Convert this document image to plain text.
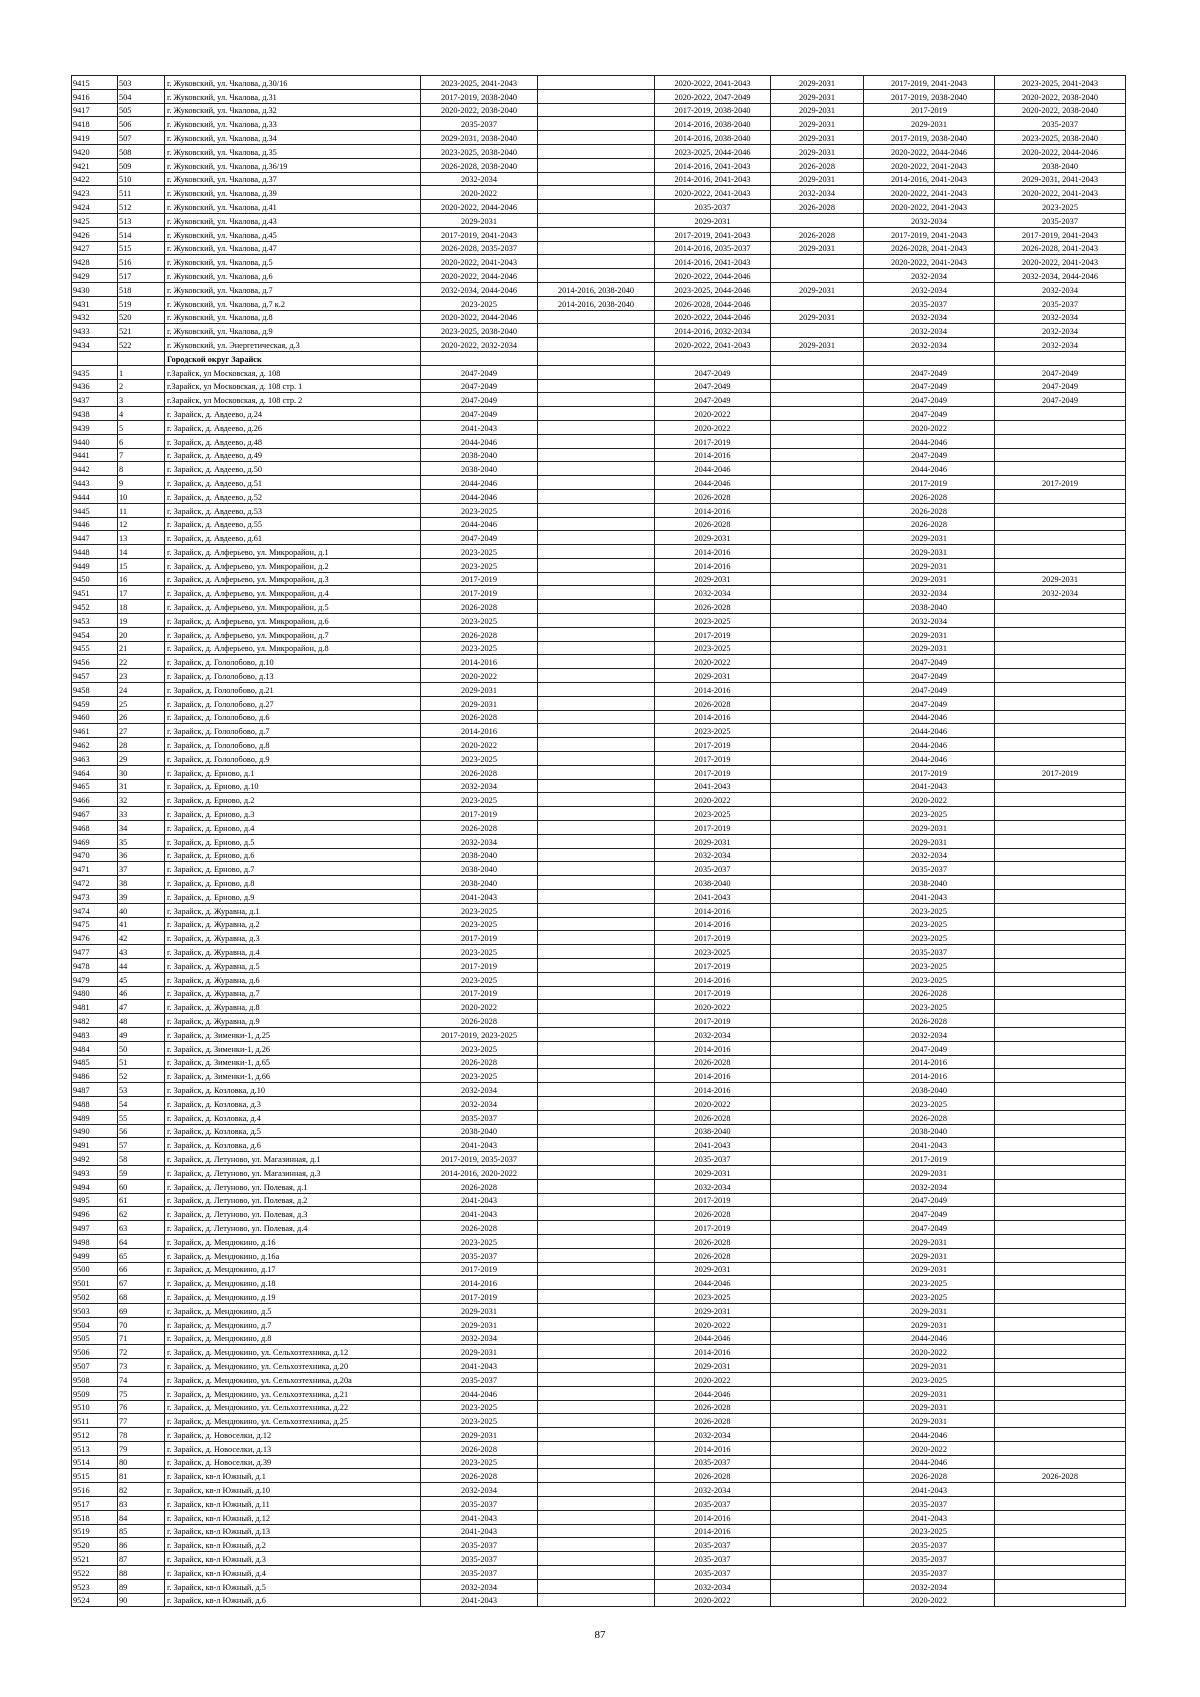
9415	503	г. Жуковский, ул. Чкалова, д.30/16	2023-2025, 2041-2043		2020-2022, 2041-2043	2029-2031	2017-2019, 2041-2043	2023-2025, 2041-2043
9416	504	г. Жуковский, ул. Чкалова, д.31	2017-2019, 2038-2040		2020-2022, 2047-2049	2029-2031	2017-2019, 2038-2040	2020-2022, 2038-2040
9417	505	г. Жуковский, ул. Чкалова, д.32	2020-2022, 2038-2040		2017-2019, 2038-2040	2029-2031	2017-2019	2020-2022, 2038-2040
9418	506	г. Жуковский, ул. Чкалова, д.33	2035-2037		2014-2016, 2038-2040	2029-2031	2029-2031	2035-2037
9419	507	г. Жуковский, ул. Чкалова, д.34	2029-2031, 2038-2040		2014-2016, 2038-2040	2029-2031	2017-2019, 2038-2040	2023-2025, 2038-2040
9420	508	г. Жуковский, ул. Чкалова, д.35	2023-2025, 2038-2040		2023-2025, 2044-2046	2029-2031	2020-2022, 2044-2046	2020-2022, 2044-2046
9421	509	г. Жуковский, ул. Чкалова, д.36/19	2026-2028, 2038-2040		2014-2016, 2041-2043	2026-2028	2020-2022, 2041-2043	2038-2040
9422	510	г. Жуковский, ул. Чкалова, д.37	2032-2034		2014-2016, 2041-2043	2029-2031	2014-2016, 2041-2043	2029-2031, 2041-2043
9423	511	г. Жуковский, ул. Чкалова, д.39	2020-2022		2020-2022, 2041-2043	2032-2034	2020-2022, 2041-2043	2020-2022, 2041-2043
9424	512	г. Жуковский, ул. Чкалова, д.41	2020-2022, 2044-2046		2035-2037	2026-2028	2020-2022, 2041-2043	2023-2025
9425	513	г. Жуковский, ул. Чкалова, д.43	2029-2031		2029-2031		2032-2034	2035-2037
9426	514	г. Жуковский, ул. Чкалова, д.45	2017-2019, 2041-2043		2017-2019, 2041-2043	2026-2028	2017-2019, 2041-2043	2017-2019, 2041-2043
9427	515	г. Жуковский, ул. Чкалова, д.47	2026-2028, 2035-2037		2014-2016, 2035-2037	2029-2031	2026-2028, 2041-2043	2026-2028, 2041-2043
9428	516	г. Жуковский, ул. Чкалова, д.5	2020-2022, 2041-2043		2014-2016, 2041-2043		2020-2022, 2041-2043	2020-2022, 2041-2043
9429	517	г. Жуковский, ул. Чкалова, д.6	2020-2022, 2044-2046		2020-2022, 2044-2046		2032-2034	2032-2034, 2044-2046
9430	518	г. Жуковский, ул. Чкалова, д.7	2032-2034, 2044-2046	2014-2016, 2038-2040	2023-2025, 2044-2046	2029-2031	2032-2034	2032-2034
9431	519	г. Жуковский, ул. Чкалова, д.7 к.2	2023-2025	2014-2016, 2038-2040	2026-2028, 2044-2046		2035-2037	2035-2037
9432	520	г. Жуковский, ул. Чкалова, д.8	2020-2022, 2044-2046		2020-2022, 2044-2046	2029-2031	2032-2034	2032-2034
9433	521	г. Жуковский, ул. Чкалова, д.9	2023-2025, 2038-2040		2014-2016, 2032-2034		2032-2034	2032-2034
9434	522	г. Жуковский, ул. Энергетическая, д.3	2020-2022, 2032-2034		2020-2022, 2041-2043	2029-2031	2032-2034	2032-2034
		Городской округ Зарайск						
9435	1	г.Зарайск, ул Московская, д. 108	2047-2049		2047-2049		2047-2049	2047-2049
9436	2	г.Зарайск, ул Московская, д. 108 стр. 1	2047-2049		2047-2049		2047-2049	2047-2049
9437	3	г.Зарайск, ул Московская, д. 108 стр. 2	2047-2049		2047-2049		2047-2049	2047-2049
9438	4	г. Зарайск, д. Авдеево, д.24	2047-2049		2020-2022		2047-2049	
9439	5	г. Зарайск, д. Авдеево, д.26	2041-2043		2020-2022		2020-2022	
9440	6	г. Зарайск, д. Авдеево, д.48	2044-2046		2017-2019		2044-2046	
9441	7	г. Зарайск, д. Авдеево, д.49	2038-2040		2014-2016		2047-2049	
9442	8	г. Зарайск, д. Авдеево, д.50	2038-2040		2044-2046		2044-2046	
9443	9	г. Зарайск, д. Авдеево, д.51	2044-2046		2044-2046		2017-2019	2017-2019
9444	10	г. Зарайск, д. Авдеево, д.52	2044-2046		2026-2028		2026-2028	
9445	11	г. Зарайск, д. Авдеево, д.53	2023-2025		2014-2016		2026-2028	
9446	12	г. Зарайск, д. Авдеево, д.55	2044-2046		2026-2028		2026-2028	
9447	13	г. Зарайск, д. Авдеево, д.61	2047-2049		2029-2031		2029-2031	
9448	14	г. Зарайск, д. Алферьево, ул. Микрорайон, д.1	2023-2025		2014-2016		2029-2031	
9449	15	г. Зарайск, д. Алферьево, ул. Микрорайон, д.2	2023-2025		2014-2016		2029-2031	
9450	16	г. Зарайск, д. Алферьево, ул. Микрорайон, д.3	2017-2019		2029-2031		2029-2031	2029-2031
9451	17	г. Зарайск, д. Алферьево, ул. Микрорайон, д.4	2017-2019		2032-2034		2032-2034	2032-2034
9452	18	г. Зарайск, д. Алферьево, ул. Микрорайон, д.5	2026-2028		2026-2028		2038-2040	
9453	19	г. Зарайск, д. Алферьево, ул. Микрорайон, д.6	2023-2025		2023-2025		2032-2034	
9454	20	г. Зарайск, д. Алферьево, ул. Микрорайон, д.7	2026-2028		2017-2019		2029-2031	
9455	21	г. Зарайск, д. Алферьево, ул. Микрорайон, д.8	2023-2025		2023-2025		2029-2031	
9456	22	г. Зарайск, д. Гололобово, д.10	2014-2016		2020-2022		2047-2049	
9457	23	г. Зарайск, д. Гололобово, д.13	2020-2022		2029-2031		2047-2049	
9458	24	г. Зарайск, д. Гололобово, д.21	2029-2031		2014-2016		2047-2049	
9459	25	г. Зарайск, д. Гололобово, д.27	2029-2031		2026-2028		2047-2049	
9460	26	г. Зарайск, д. Гололобово, д.6	2026-2028		2014-2016		2044-2046	
9461	27	г. Зарайск, д. Гололобово, д.7	2014-2016		2023-2025		2044-2046	
9462	28	г. Зарайск, д. Гололобово, д.8	2020-2022		2017-2019		2044-2046	
9463	29	г. Зарайск, д. Гололобово, д.9	2023-2025		2017-2019		2044-2046	
9464	30	г. Зарайск, д. Ерново, д.1	2026-2028		2017-2019		2017-2019	2017-2019
9465	31	г. Зарайск, д. Ерново, д.10	2032-2034		2041-2043		2041-2043	
9466	32	г. Зарайск, д. Ерново, д.2	2023-2025		2020-2022		2020-2022	
9467	33	г. Зарайск, д. Ерново, д.3	2017-2019		2023-2025		2023-2025	
9468	34	г. Зарайск, д. Ерново, д.4	2026-2028		2017-2019		2029-2031	
9469	35	г. Зарайск, д. Ерново, д.5	2032-2034		2029-2031		2029-2031	
9470	36	г. Зарайск, д. Ерново, д.6	2038-2040		2032-2034		2032-2034	
9471	37	г. Зарайск, д. Ерново, д.7	2038-2040		2035-2037		2035-2037	
9472	38	г. Зарайск, д. Ерново, д.8	2038-2040		2038-2040		2038-2040	
9473	39	г. Зарайск, д. Ерново, д.9	2041-2043		2041-2043		2041-2043	
9474	40	г. Зарайск, д. Журавна, д.1	2023-2025		2014-2016		2023-2025	
9475	41	г. Зарайск, д. Журавна, д.2	2023-2025		2014-2016		2023-2025	
9476	42	г. Зарайск, д. Журавна, д.3	2017-2019		2017-2019		2023-2025	
9477	43	г. Зарайск, д. Журавна, д.4	2023-2025		2023-2025		2035-2037	
9478	44	г. Зарайск, д. Журавна, д.5	2017-2019		2017-2019		2023-2025	
9479	45	г. Зарайск, д. Журавна, д.6	2023-2025		2014-2016		2023-2025	
9480	46	г. Зарайск, д. Журавна, д.7	2017-2019		2017-2019		2026-2028	
9481	47	г. Зарайск, д. Журавна, д.8	2020-2022		2020-2022		2023-2025	
9482	48	г. Зарайск, д. Журавна, д.9	2026-2028		2017-2019		2026-2028	
9483	49	г. Зарайск, д. Зименки-1, д.25	2017-2019, 2023-2025		2032-2034		2032-2034	
9484	50	г. Зарайск, д. Зименки-1, д.26	2023-2025		2014-2016		2047-2049	
9485	51	г. Зарайск, д. Зименки-1, д.65	2026-2028		2026-2028		2014-2016	
9486	52	г. Зарайск, д. Зименки-1, д.66	2023-2025		2014-2016		2014-2016	
9487	53	г. Зарайск, д. Козловка, д.10	2032-2034		2014-2016		2038-2040	
9488	54	г. Зарайск, д. Козловка, д.3	2032-2034		2020-2022		2023-2025	
9489	55	г. Зарайск, д. Козловка, д.4	2035-2037		2026-2028		2026-2028	
9490	56	г. Зарайск, д. Козловка, д.5	2038-2040		2038-2040		2038-2040	
9491	57	г. Зарайск, д. Козловка, д.6	2041-2043		2041-2043		2041-2043	
9492	58	г. Зарайск, д. Летуново, ул. Магазинная, д.1	2017-2019, 2035-2037		2035-2037		2017-2019	
9493	59	г. Зарайск, д. Летуново, ул. Магазинная, д.3	2014-2016, 2020-2022		2029-2031		2029-2031	
9494	60	г. Зарайск, д. Летуново, ул. Полевая, д.1	2026-2028		2032-2034		2032-2034	
9495	61	г. Зарайск, д. Летуново, ул. Полевая, д.2	2041-2043		2017-2019		2047-2049	
9496	62	г. Зарайск, д. Летуново, ул. Полевая, д.3	2041-2043		2026-2028		2047-2049	
9497	63	г. Зарайск, д. Летуново, ул. Полевая, д.4	2026-2028		2017-2019		2047-2049	
9498	64	г. Зарайск, д. Мендюкино, д.16	2023-2025		2026-2028		2029-2031	
9499	65	г. Зарайск, д. Мендюкино, д.16а	2035-2037		2026-2028		2029-2031	
9500	66	г. Зарайск, д. Мендюкино, д.17	2017-2019		2029-2031		2029-2031	
9501	67	г. Зарайск, д. Мендюкино, д.18	2014-2016		2044-2046		2023-2025	
9502	68	г. Зарайск, д. Мендюкино, д.19	2017-2019		2023-2025		2023-2025	
9503	69	г. Зарайск, д. Мендюкино, д.5	2029-2031		2029-2031		2029-2031	
9504	70	г. Зарайск, д. Мендюкино, д.7	2029-2031		2020-2022		2029-2031	
9505	71	г. Зарайск, д. Мендюкино, д.8	2032-2034		2044-2046		2044-2046	
9506	72	г. Зарайск, д. Мендюкино, ул. Сельхозтехника, д.12	2029-2031		2014-2016		2020-2022	
9507	73	г. Зарайск, д. Мендюкино, ул. Сельхозтехника, д.20	2041-2043		2029-2031		2029-2031	
9508	74	г. Зарайск, д. Мендюкино, ул. Сельхозтехника, д.20а	2035-2037		2020-2022		2023-2025	
9509	75	г. Зарайск, д. Мендюкино, ул. Сельхозтехника, д.21	2044-2046		2044-2046		2029-2031	
9510	76	г. Зарайск, д. Мендюкино, ул. Сельхозтехника, д.22	2023-2025		2026-2028		2029-2031	
9511	77	г. Зарайск, д. Мендюкино, ул. Сельхозтехника, д.25	2023-2025		2026-2028		2029-2031	
9512	78	г. Зарайск, д. Новоселки, д.12	2029-2031		2032-2034		2044-2046	
9513	79	г. Зарайск, д. Новоселки, д.13	2026-2028		2014-2016		2020-2022	
9514	80	г. Зарайск, д. Новоселки, д.39	2023-2025		2035-2037		2044-2046	
9515	81	г. Зарайск, кв-л Южный, д.1	2026-2028		2026-2028		2026-2028	2026-2028
9516	82	г. Зарайск, кв-л Южный, д.10	2032-2034		2032-2034		2041-2043	
9517	83	г. Зарайск, кв-л Южный, д.11	2035-2037		2035-2037		2035-2037	
9518	84	г. Зарайск, кв-л Южный, д.12	2041-2043		2014-2016		2041-2043	
9519	85	г. Зарайск, кв-л Южный, д.13	2041-2043		2014-2016		2023-2025	
9520	86	г. Зарайск, кв-л Южный, д.2	2035-2037		2035-2037		2035-2037	
9521	87	г. Зарайск, кв-л Южный, д.3	2035-2037		2035-2037		2035-2037	
9522	88	г. Зарайск, кв-л Южный, д.4	2035-2037		2035-2037		2035-2037	
9523	89	г. Зарайск, кв-л Южный, д.5	2032-2034		2032-2034		2032-2034	
9524	90	г. Зарайск, кв-л Южный, д.6	2041-2043		2020-2022		2020-2022	
87
